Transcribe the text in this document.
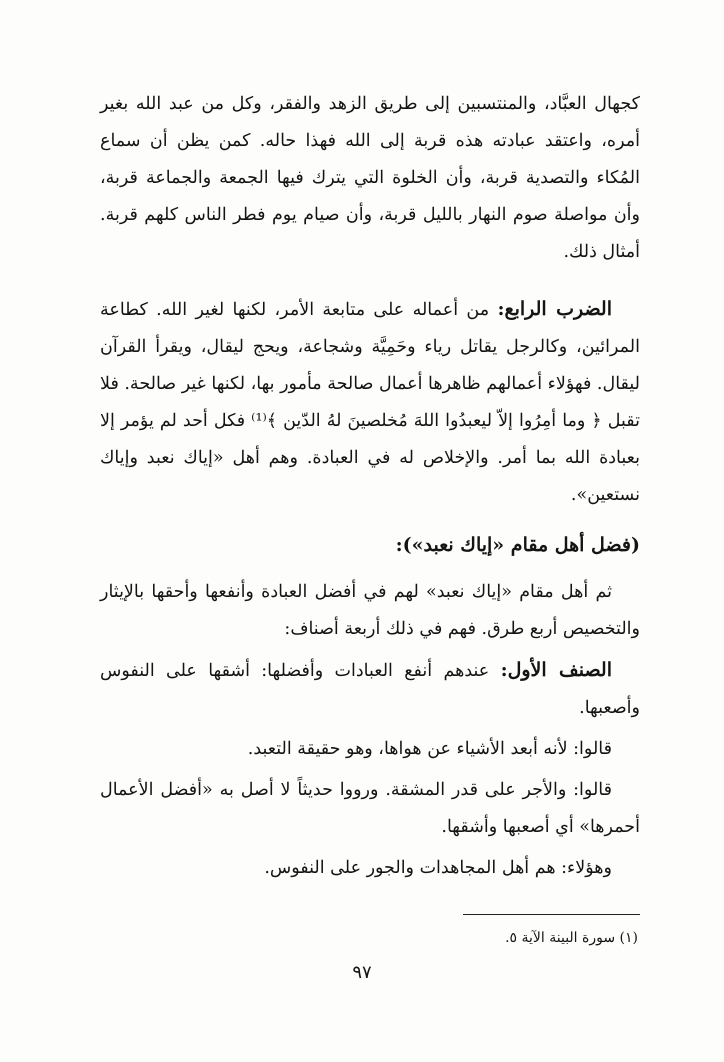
كجهال العبَّاد، والمنتسبين إلى طريق الزهد والفقر، وكل من عبد الله بغير أمره، واعتقد عبادته هذه قربة إلى الله فهذا حاله. كمن يظن أن سماع المُكاء والتصدية قربة، وأن الخلوة التي يترك فيها الجمعة والجماعة قربة، وأن مواصلة صوم النهار بالليل قربة، وأن صيام يوم فطر الناس كلهم قربة. أمثال ذلك.

الضرب الرابع: من أعماله على متابعة الأمر، لكنها لغير الله. كطاعة المرائين، وكالرجل يقاتل رياء وحَمِيَّة وشجاعة، ويحج ليقال، ويقرأ القرآن ليقال. فهؤلاء أعمالهم ظاهرها أعمال صالحة مأمور بها، لكنها غير صالحة. فلا تقبل ﴿ وما أمِرُوا إلاّ ليعبدُوا اللهَ مُخلصينَ لهُ الدّين ﴾⁽¹⁾ فكل أحد لم يؤمر إلا بعبادة الله بما أمر. والإخلاص له في العبادة. وهم أهل «إياك نعبد وإياك نستعين».

(فضل أهل مقام «إياك نعبد»):

ثم أهل مقام «إياك نعبد» لهم في أفضل العبادة وأنفعها وأحقها بالإيثار والتخصيص أربع طرق. فهم في ذلك أربعة أصناف:

الصنف الأول: عندهم أنفع العبادات وأفضلها: أشقها على النفوس وأصعبها.

قالوا: لأنه أبعد الأشياء عن هواها، وهو حقيقة التعبد.

قالوا: والأجر على قدر المشقة. ورووا حديثاً لا أصل به «أفضل الأعمال أحمرها» أي أصعبها وأشقها.

وهؤلاء: هم أهل المجاهدات والجور على النفوس.

(١) سورة البينة الآية ٥.
٩٧
